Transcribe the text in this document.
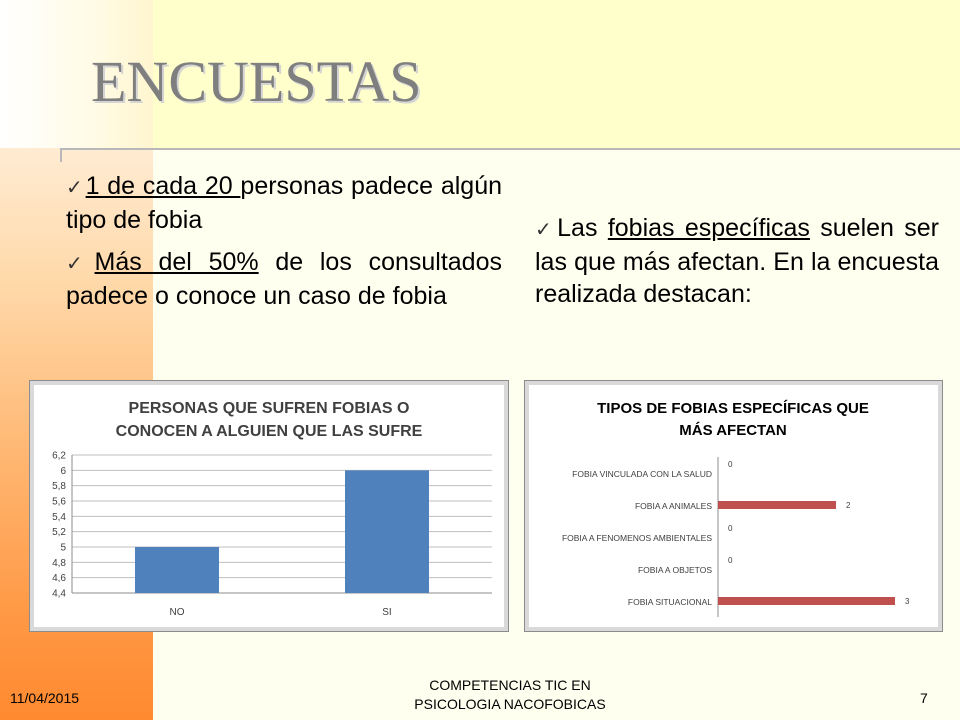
ENCUESTAS

✓1 de cada 20 personas padece algún tipo de fobia

✓Más del 50% de los consultados padece o conoce un caso de fobia

✓Las fobias específicas suelen ser las que más afectan. En la encuesta realizada destacan:

PERSONAS QUE SUFREN FOBIAS O
CONOCEN A ALGUIEN QUE LAS SUFRE
4,4
4,6
4,8
5
5,2
5,4
5,6
5,8
6
6,2
NO	SI
TIPOS DE FOBIAS ESPECÍFICAS QUE
MÁS AFECTAN
FOBIA VINCULADA CON LA SALUD
0
FOBIA A ANIMALES	2
FOBIA A FENOMENOS AMBIENTALES
0
FOBIA A OBJETOS
0
FOBIA SITUACIONAL	3
11/04/2015
COMPETENCIAS TIC EN
PSICOLOGIA NACOFOBICAS	7
